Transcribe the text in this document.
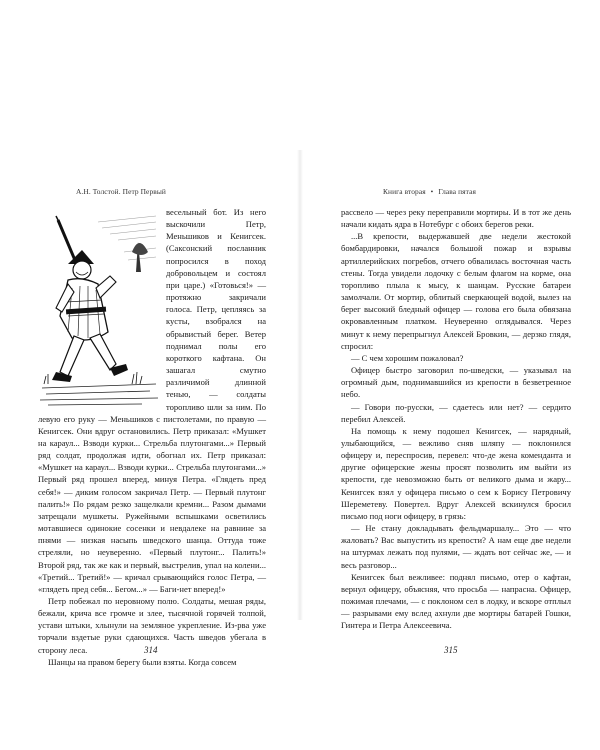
А.Н. Толстой. Петр Первый

веселыный бот. Из него выскочили Петр, Меньшиков и Кенигсек. (Саксонский посланник попросился в поход добровольцем и состоял при царе.) «Готовься!» — протяжно закричали голоса. Петр, цепляясь за кусты, взобрался на обрывистый берег. Ветер поднимал полы его короткого кафтана. Он зашагал смутно различимой длинной тенью, — солдаты торопливо шли за ним. По левую его руку — Меньшиков с пистолетами, по правую — Кенигсек. Они вдруг остановились. Петр приказал: «Мушкет на караул... Взводи курки... Стрельба плутонгами...» Первый ряд солдат, продолжая идти, обогнал их. Петр приказал: «Мушкет на караул... Взводи курки... Стрельба плутонгами...» Первый ряд прошел вперед, минуя Петра. «Глядеть пред себя!» — диким голосом закричал Петр. — Первый плутонг палить!» По рядам резко защелкали кремни... Разом дымами затрещали мушкеты. Ружейными вспышками осветились мотавшиеся одинокие сосенки и невдалеке на равнине за пнями — низкая насыпь шведского шанца. Оттуда тоже стреляли, но неуверенно. «Первый плутонг... Палить!» Второй ряд, так же как и первый, выстрелив, упал на колени... «Третий... Третий!» — кричал срывающийся голос Петра, — «глядеть пред себя... Бегом...» — Баги-нет вперед!»

Петр побежал по неровному полю. Солдаты, мешая ряды, бежали, крича все громче и злее, тысячной горячей толпой, устави штыки, хлынули на земляное укрепление. Из-рва уже торчали вздетые руки сдающихся. Часть шведов убегала в сторону леса.

Шанцы на правом берегу были взяты. Когда совсем

314
Книга вторая • Глава пятая

рассвело — через реку переправили мортиры. И в тот же день начали кидать ядра в Нотебург с обоих берегов реки.

...В крепости, выдержавшей две недели жестокой бомбардировки, начался большой пожар и взрывы артиллерийских погребов, отчего обвалилась восточная часть стены. Тогда увидели лодочку с белым флагом на корме, она торопливо плыла к мысу, к шанцам. Русские батареи замолчали. От мортир, облитый сверкающей водой, вылез на берег высокий бледный офицер — голова его была обвязана окровавленным платком. Неуверенно оглядывался. Через минут к нему перепрыгнул Алексей Бровкин, — дерзко глядя, спросил:

— С чем хорошим пожаловал?

Офицер быстро заговорил по-шведски, — указывал на огромный дым, поднимавшийся из крепости в безветренное небо.

— Говори по-русски, — сдаетесь или нет? — сердито перебил Алексей.

На помощь к нему подошел Кенигсек, — нарядный, улыбающийся, — вежливо сняв шляпу — поклонился офицеру и, переспросив, перевел: что-де жена коменданта и другие офицерские жены просят позволить им выйти из крепости, где невозможно быть от великого дыма и жару... Кенигсек взял у офицера письмо о сем к Борису Петровичу Шереметеву. Повертел. Вдруг Алексей вскинулся бросил письмо под ноги офицеру, в грязь:

— Не стану докладывать фельдмаршалу... Это — что жаловать? Вас выпустить из крепости? А нам еще две недели на штурмах лежать под пулями, — ждать вот сейчас же, — и весь разговор...

Кенигсек был вежливее: поднял письмо, отер о кафтан, вернул офицеру, объясняя, что просьба — напрасна. Офицер, пожимая плечами, — с поклоном сел в лодку, и вскоре отплыл — разрывами ему вслед ахнули две мортиры батарей Гошки, Гинтера и Петра Алексеевича.

315
